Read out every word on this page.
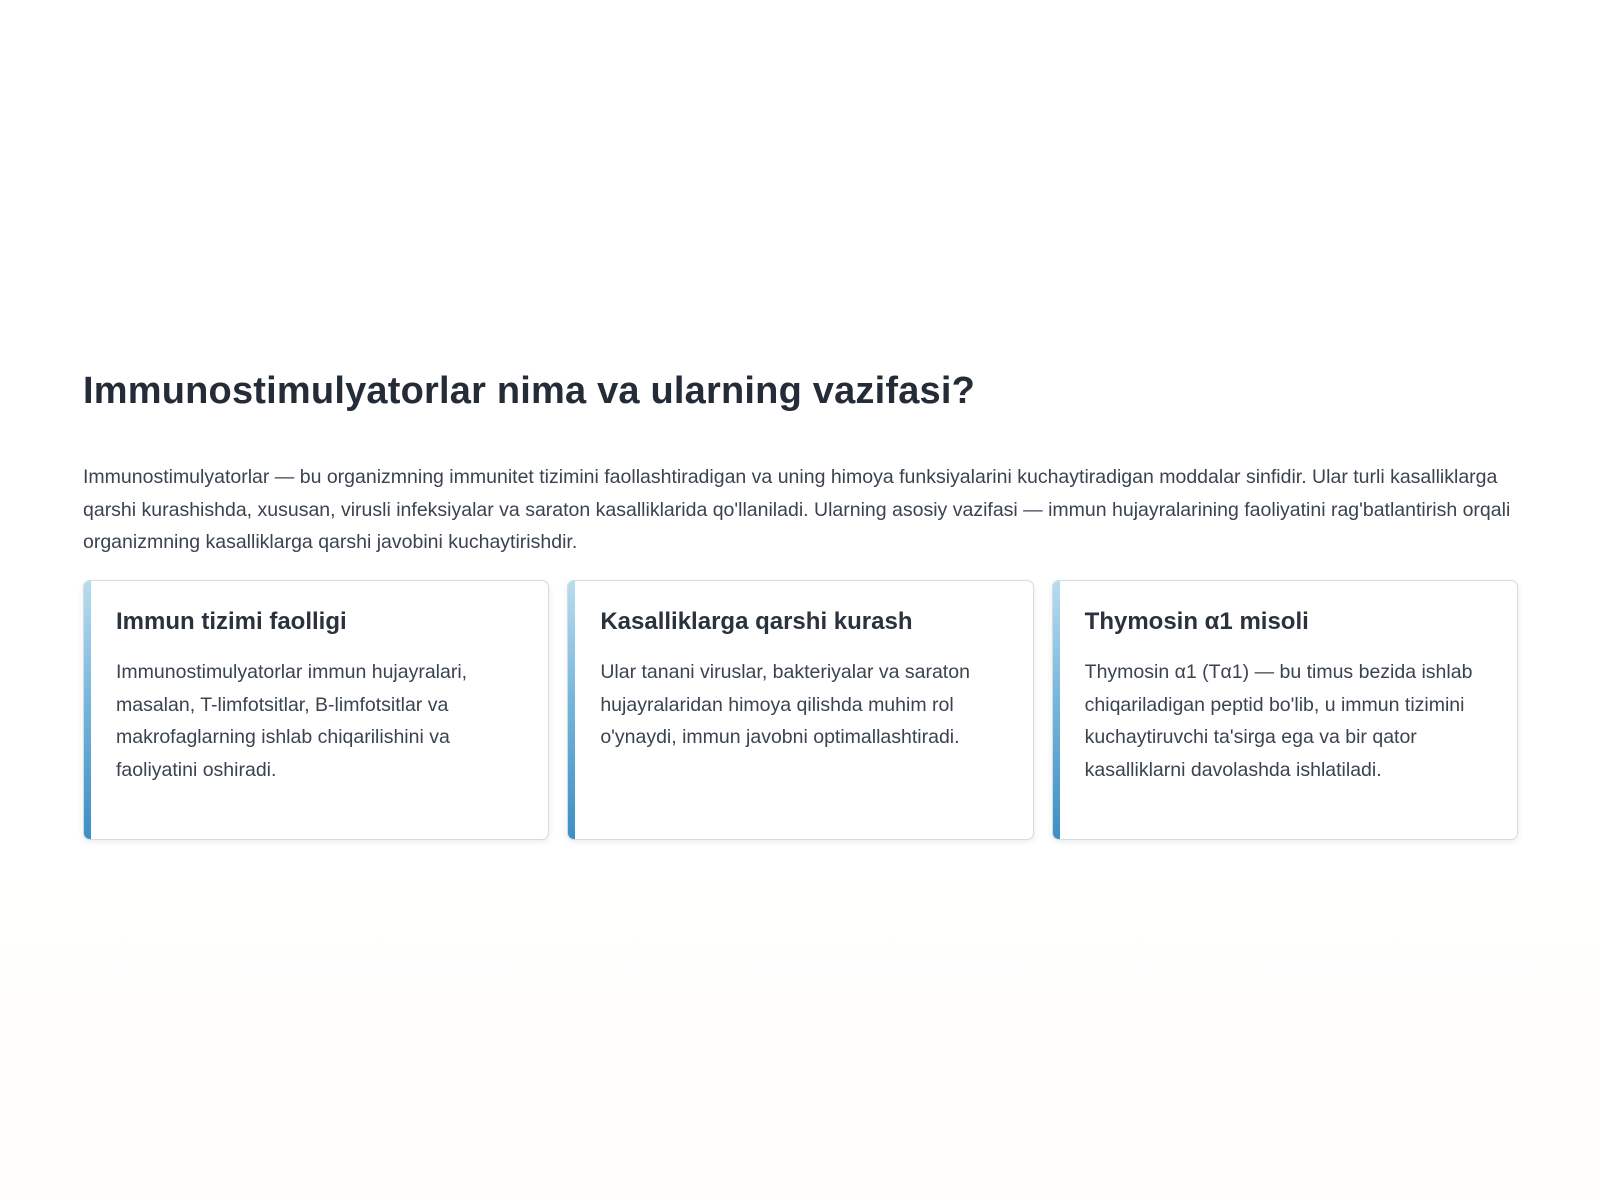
Immunostimulyatorlar nima va ularning vazifasi?

Immunostimulyatorlar — bu organizmning immunitet tizimini faollashtiradigan va uning himoya funksiyalarini kuchaytiradigan moddalar sinfidir. Ular turli kasalliklarga qarshi kurashishda, xususan, virusli infeksiyalar va saraton kasalliklarida qo'llaniladi. Ularning asosiy vazifasi — immun hujayralarining faoliyatini rag'batlantirish orqali organizmning kasalliklarga qarshi javobini kuchaytirishdir.

Immun tizimi faolligi

Immunostimulyatorlar immun hujayralari, masalan, T-limfotsitlar, B-limfotsitlar va makrofaglarning ishlab chiqarilishini va faoliyatini oshiradi.

Kasalliklarga qarshi kurash

Ular tanani viruslar, bakteriyalar va saraton hujayralaridan himoya qilishda muhim rol o'ynaydi, immun javobni optimallashtiradi.

Thymosin α1 misoli

Thymosin α1 (Tα1) — bu timus bezida ishlab chiqariladigan peptid bo'lib, u immun tizimini kuchaytiruvchi ta'sirga ega va bir qator kasalliklarni davolashda ishlatiladi.
